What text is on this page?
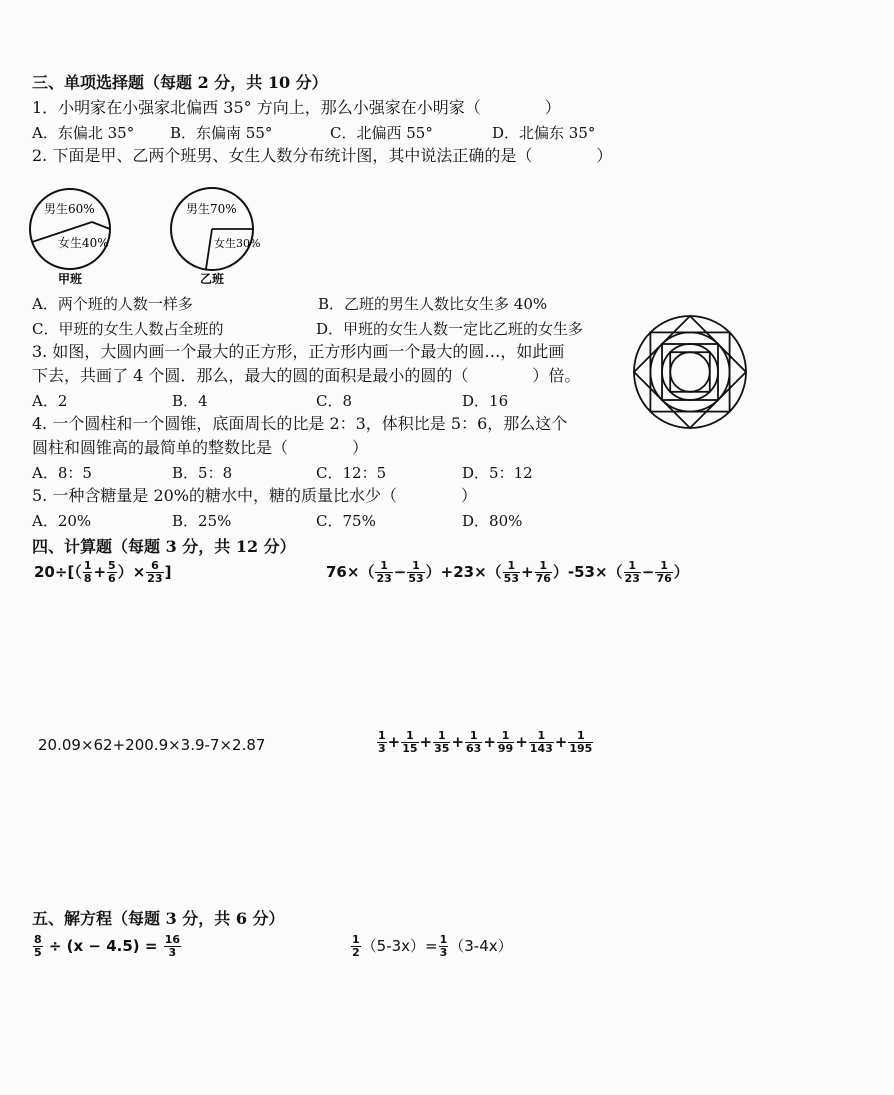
三、单项选择题（每题 2 分，共 10 分）
1．小明家在小强家北偏西 35° 方向上，那么小强家在小明家（　　　　）
A．东偏北 35° B．东偏南 55°	C．北偏西 55°	D．北偏东 35°
2. 下面是甲、乙两个班男、女生人数分布统计图，其中说法正确的是（　　　　）
男生60%
女生40%
甲班
男生70%
女生30%
乙班
A．两个班的人数一样多	B．乙班的男生人数比女生多 40%
C．甲班的女生人数占全班的	D．甲班的女生人数一定比乙班的女生多
3. 如图，大圆内画一个最大的正方形，正方形内画一个最大的圆…，如此画
下去，共画了 4 个圆．那么，最大的圆的面积是最小的圆的（　　　　）倍。
A．2	B．4	C．8	D．16
4. 一个圆柱和一个圆锥，底面周长的比是 2：3，体积比是 5：6，那么这个
圆柱和圆锥高的最简单的整数比是（　　　　）
A．8：5	B．5：8	C．12：5	D．5：12
5. 一种含糖量是 20%的糖水中，糖的质量比水少（　　　　）
A．20%	B．25%	C．75%	D．80%
四、计算题（每题 3 分，共 12 分）
$20\div[( \frac{1}{8} + \frac{5}{6}$ ）× $\frac{6}{23}$ ]	$76\times( \frac{1}{23} - \frac{1}{53} )+23\times( \frac{1}{53} + \frac{1}{76} )-53\times( \frac{1}{23} - \frac{1}{76}$ ）
20.09×62+200.9×3.9-7×2.87	$\frac{1}{3} + \frac{1}{15} + \frac{1}{35} + \frac{1}{63} + \frac{1}{99} + \frac{1}{143} + \frac{1}{195}$
五、解方程（每题 3 分，共 6 分）
$\frac{8}{5} \div (x - 4.5) = \frac{16}{3}$	$\frac{1}{2} (5-3x)= \frac{1}{3} (3-4x)$
